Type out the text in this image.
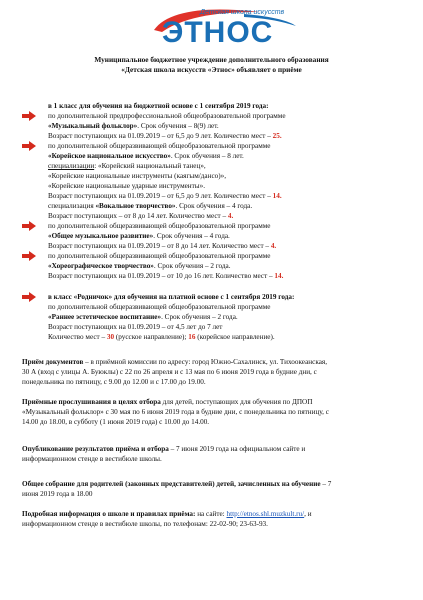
Детская школа искусств
ЭТНОС
Муниципальное бюджетное учреждение дополнительного образования
«Детская школа искусств «Этнос» объявляет о приёме
в 1 класс для обучения на бюджетной основе с 1 сентября 2019 года:
по дополнительной предпрофессиональной общеобразовательной программе
«Музыкальный фольклор». Срок обучения – 8(9) лет.
Возраст поступающих на 01.09.2019 – от 6,5 до 9 лет. Количество мест – 25.
по дополнительной общеразвивающей общеобразовательной программе
«Корейское национальное искусство». Срок обучения – 8 лет.
специализации: «Корейский национальный танец»,
«Корейские национальные инструменты (каягым/дансо)»,
«Корейские национальные ударные инструменты».
Возраст поступающих на 01.09.2019 – от 6,5 до 9 лет. Количество мест – 14.
специализация «Вокальное творчество». Срок обучения – 4 года.
Возраст поступающих – от 8 до 14 лет. Количество мест – 4.
по дополнительной общеразвивающей общеобразовательной программе
«Общее музыкальное развитие». Срок обучения – 4 года.
Возраст поступающих на 01.09.2019 – от 8 до 14 лет. Количество мест – 4.
по дополнительной общеразвивающей общеобразовательной программе
«Хореографическое творчество». Срок обучения – 2 года.
Возраст поступающих на 01.09.2019 – от 10 до 16 лет. Количество мест – 14.
в класс «Родничок» для обучения на платной основе с 1 сентября 2019 года:
по дополнительной общеразвивающей общеобразовательной программе
«Раннее эстетическое воспитание». Срок обучения – 2 года.
Возраст поступающих на 01.09.2019 – от 4,5 лет до 7 лет
Количество мест – 30 (русское направление); 16 (корейское направление).
Приём документов – в приёмной комиссии по адресу: город Южно-Сахалинск, ул. Тихоокеанская,
30 А (вход с улицы А. Буюклы) с 22 по 26 апреля и с 13 мая по 6 июня 2019 года в будние дни, с
понедельника по пятницу, с 9.00 до 12.00 и с 17.00 до 19.00.
Приёмные прослушивания в целях отбора для детей, поступающих для обучения по ДПОП
«Музыкальный фольклор» с 30 мая по 6 июня 2019 года в будние дни, с понедельника по пятницу, с
14.00 до 18.00, в субботу (1 июня 2019 года) с 10.00 до 14.00.
Опубликование результатов приёма и отбора – 7 июня 2019 года на официальном сайте и
информационном стенде в вестибюле школы.
Общее собрание для родителей (законных представителей) детей, зачисленных на обучение – 7
июня 2019 года в 18.00
Подробная информация о школе и правилах приёма: на сайте: http://etnos.shl.muzkult.ru/, и
информационном стенде в вестибюле школы, по телефонам: 22-02-90; 23-63-93.
